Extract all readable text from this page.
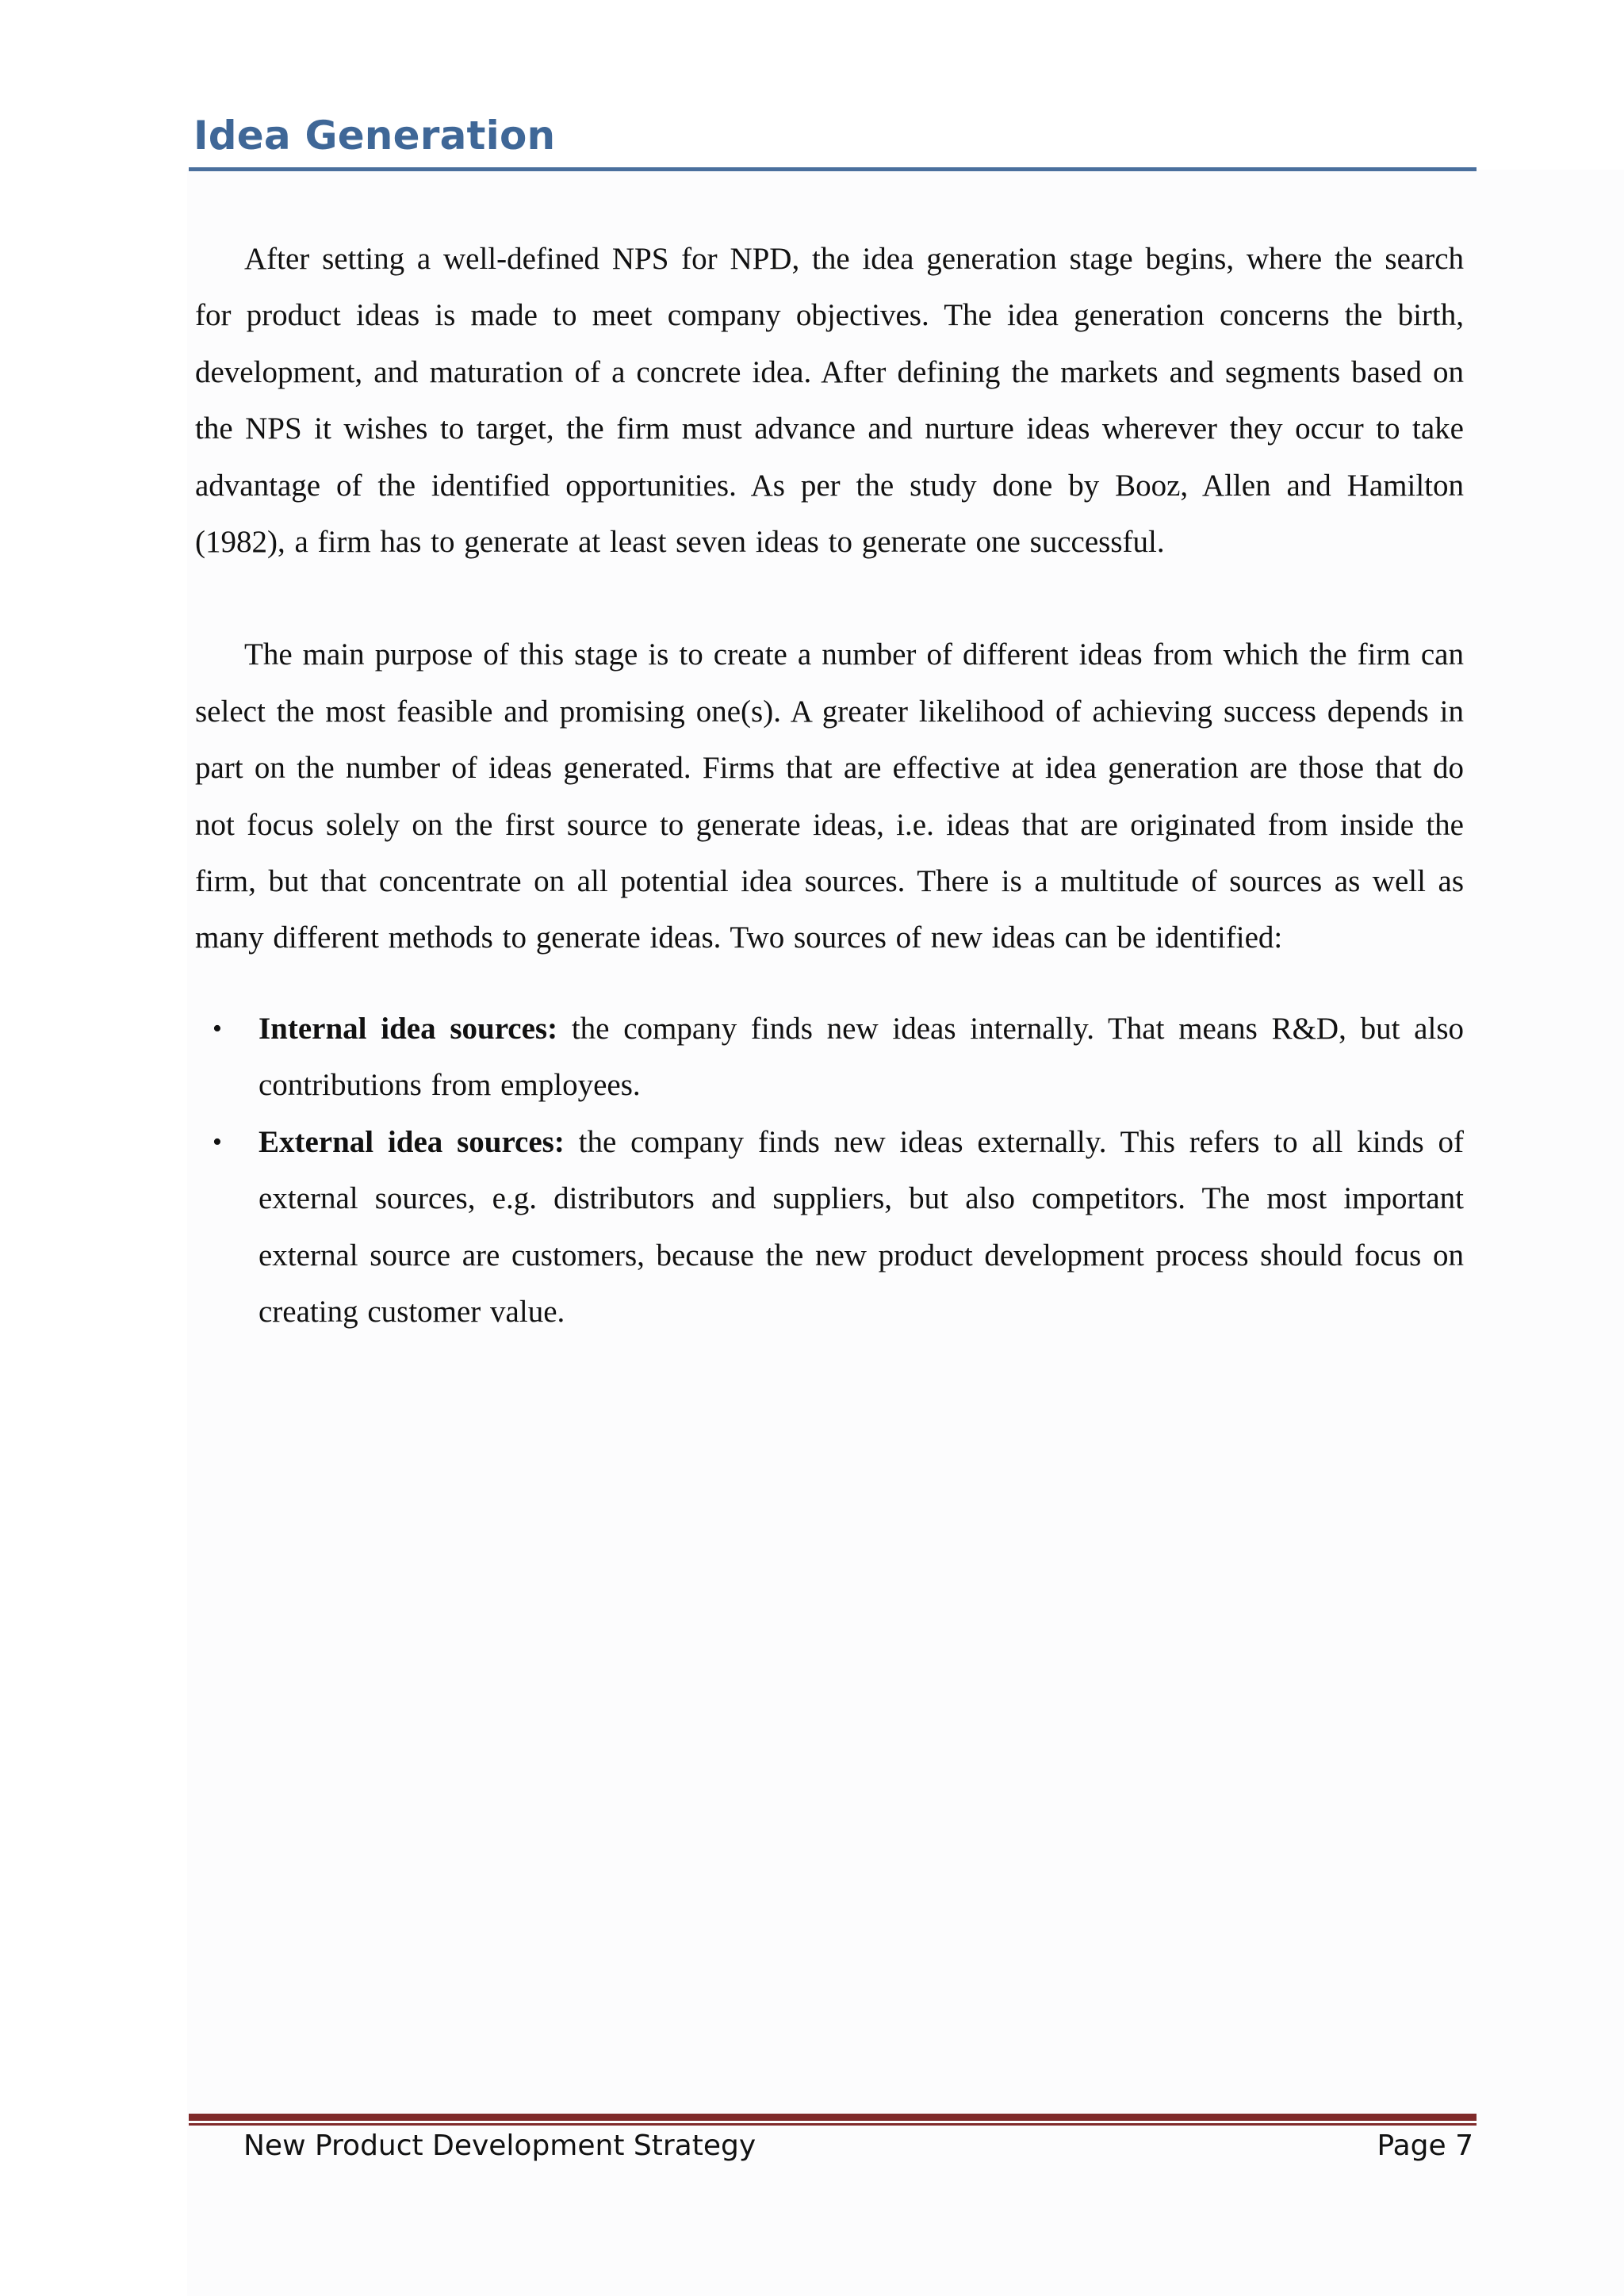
Idea Generation

After setting a well-defined NPS for NPD, the idea generation stage begins, where the search for product ideas is made to meet company objectives. The idea generation concerns the birth, development, and maturation of a concrete idea. After defining the markets and segments based on the NPS it wishes to target, the firm must advance and nurture ideas wherever they occur to take advantage of the identified opportunities. As per the study done by Booz, Allen and Hamilton (1982), a firm has to generate at least seven ideas to generate one successful.

The main purpose of this stage is to create a number of different ideas from which the firm can select the most feasible and promising one(s). A greater likelihood of achieving success depends in part on the number of ideas generated. Firms that are effective at idea generation are those that do not focus solely on the first source to generate ideas, i.e. ideas that are originated from inside the firm, but that concentrate on all potential idea sources. There is a multitude of sources as well as many different methods to generate ideas. Two sources of new ideas can be identified:

• Internal idea sources: the company finds new ideas internally. That means R&D, but also contributions from employees.
• External idea sources: the company finds new ideas externally. This refers to all kinds of external sources, e.g. distributors and suppliers, but also competitors. The most important external source are customers, because the new product development process should focus on creating customer value.
New Product Development Strategy	Page 7
